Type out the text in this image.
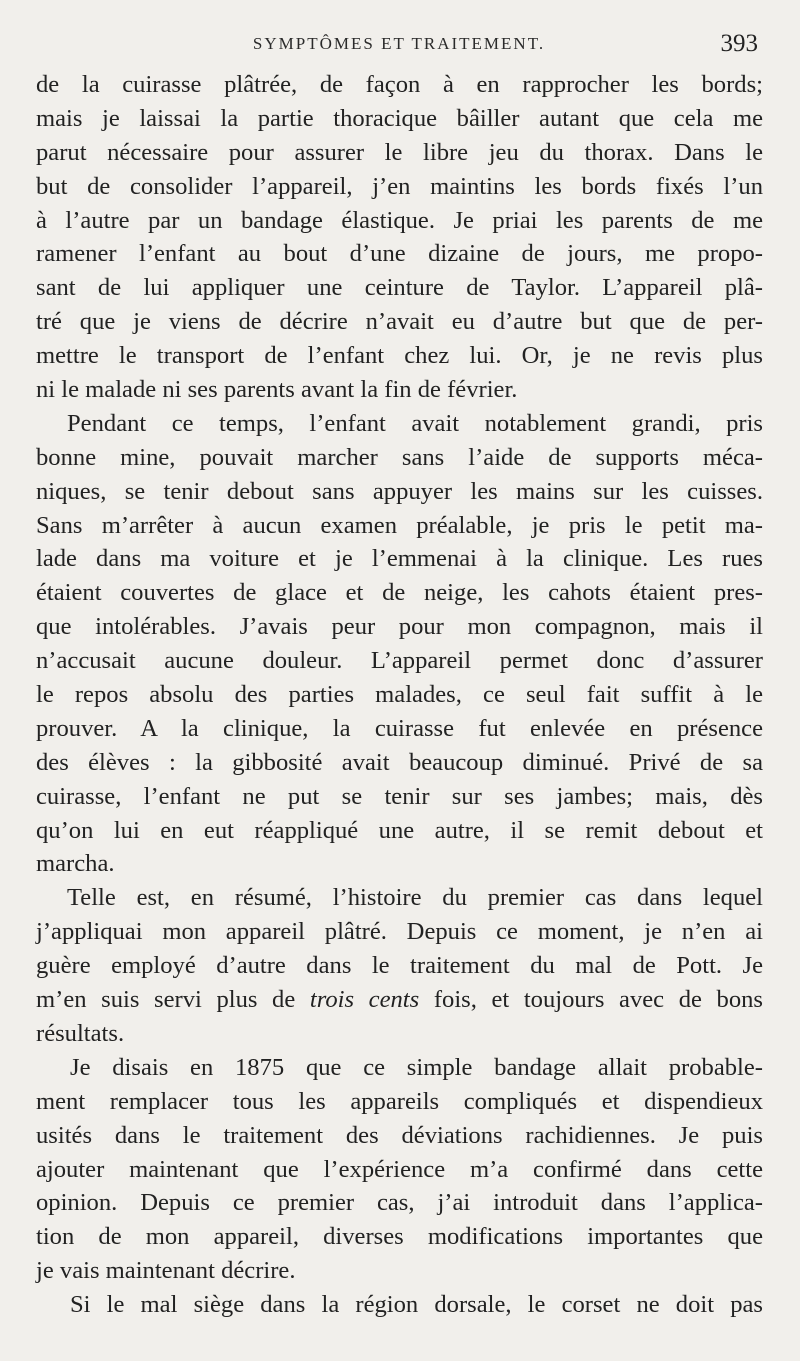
SYMPTÔMES ET TRAITEMENT.	393
de la cuirasse plâtrée, de façon à en rapprocher les bords;
mais je laissai la partie thoracique bâiller autant que cela me
parut nécessaire pour assurer le libre jeu du thorax. Dans le
but de consolider l’appareil, j’en maintins les bords fixés l’un
à l’autre par un bandage élastique. Je priai les parents de me
ramener l’enfant au bout d’une dizaine de jours, me propo-
sant de lui appliquer une ceinture de Taylor. L’appareil plâ-
tré que je viens de décrire n’avait eu d’autre but que de per-
mettre le transport de l’enfant chez lui. Or, je ne revis plus
ni le malade ni ses parents avant la fin de février.
Pendant ce temps, l’enfant avait notablement grandi, pris
bonne mine, pouvait marcher sans l’aide de supports méca-
niques, se tenir debout sans appuyer les mains sur les cuisses.
Sans m’arrêter à aucun examen préalable, je pris le petit ma-
lade dans ma voiture et je l’emmenai à la clinique. Les rues
étaient couvertes de glace et de neige, les cahots étaient pres-
que intolérables. J’avais peur pour mon compagnon, mais il
n’accusait aucune douleur. L’appareil permet donc d’assurer
le repos absolu des parties malades, ce seul fait suffit à le
prouver. A la clinique, la cuirasse fut enlevée en présence
des élèves : la gibbosité avait beaucoup diminué. Privé de sa
cuirasse, l’enfant ne put se tenir sur ses jambes; mais, dès
qu’on lui en eut réappliqué une autre, il se remit debout et
marcha.
Telle est, en résumé, l’histoire du premier cas dans lequel
j’appliquai mon appareil plâtré. Depuis ce moment, je n’en ai
guère employé d’autre dans le traitement du mal de Pott. Je
m’en suis servi plus de trois cents fois, et toujours avec de bons
résultats.
Je disais en 1875 que ce simple bandage allait probable-
ment remplacer tous les appareils compliqués et dispendieux
usités dans le traitement des déviations rachidiennes. Je puis
ajouter maintenant que l’expérience m’a confirmé dans cette
opinion. Depuis ce premier cas, j’ai introduit dans l’applica-
tion de mon appareil, diverses modifications importantes que
je vais maintenant décrire.
Si le mal siège dans la région dorsale, le corset ne doit pas
